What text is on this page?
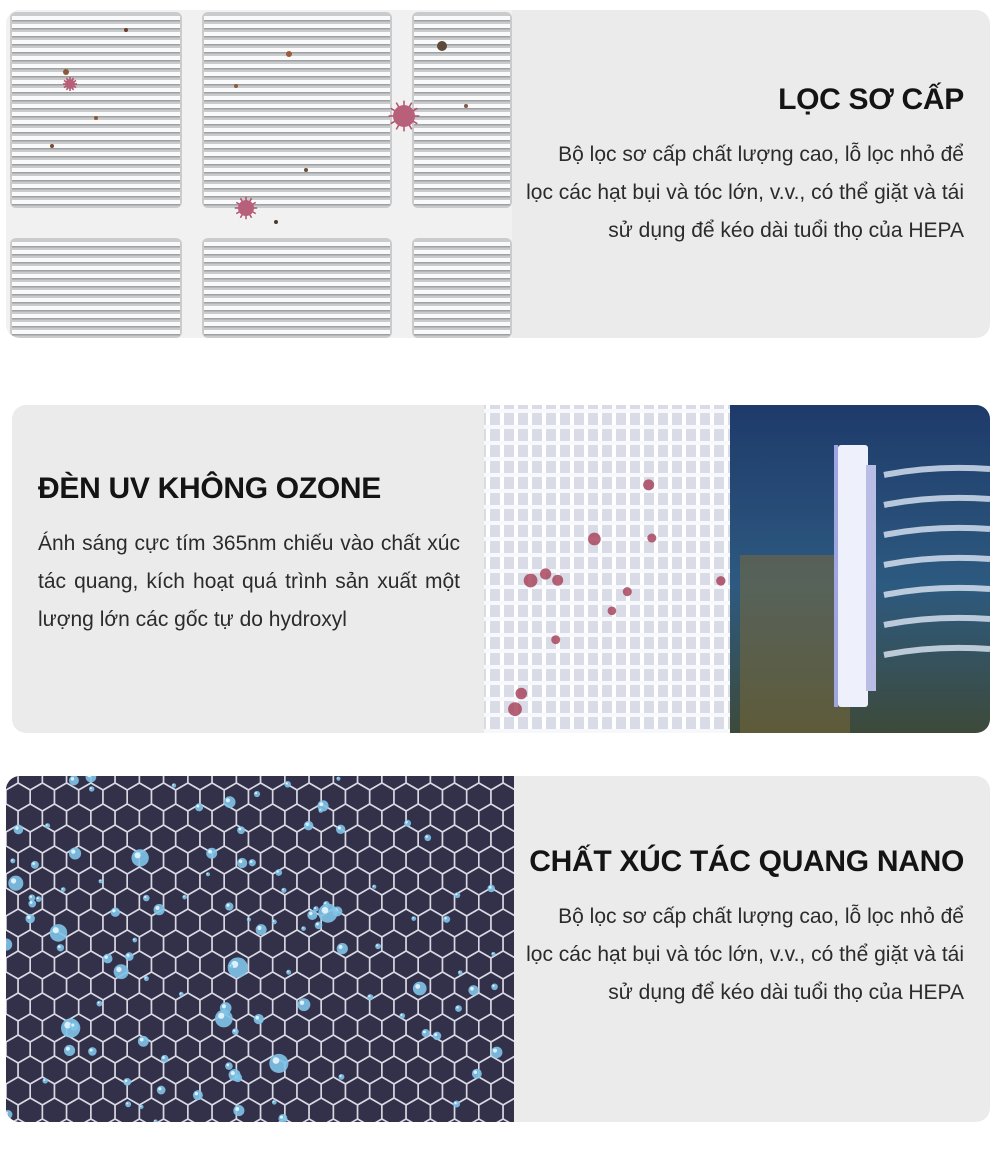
LỌC SƠ CẤP

Bộ lọc sơ cấp chất lượng cao, lỗ lọc nhỏ để lọc các hạt bụi và tóc lớn, v.v., có thể giặt và tái sử dụng để kéo dài tuổi thọ của HEPA

ĐÈN UV KHÔNG OZONE

Ánh sáng cực tím 365nm chiếu vào chất xúc tác quang, kích hoạt quá trình sản xuất một lượng lớn các gốc tự do hydroxyl

CHẤT XÚC TÁC QUANG NANO

Bộ lọc sơ cấp chất lượng cao, lỗ lọc nhỏ để lọc các hạt bụi và tóc lớn, v.v., có thể giặt và tái sử dụng để kéo dài tuổi thọ của HEPA
